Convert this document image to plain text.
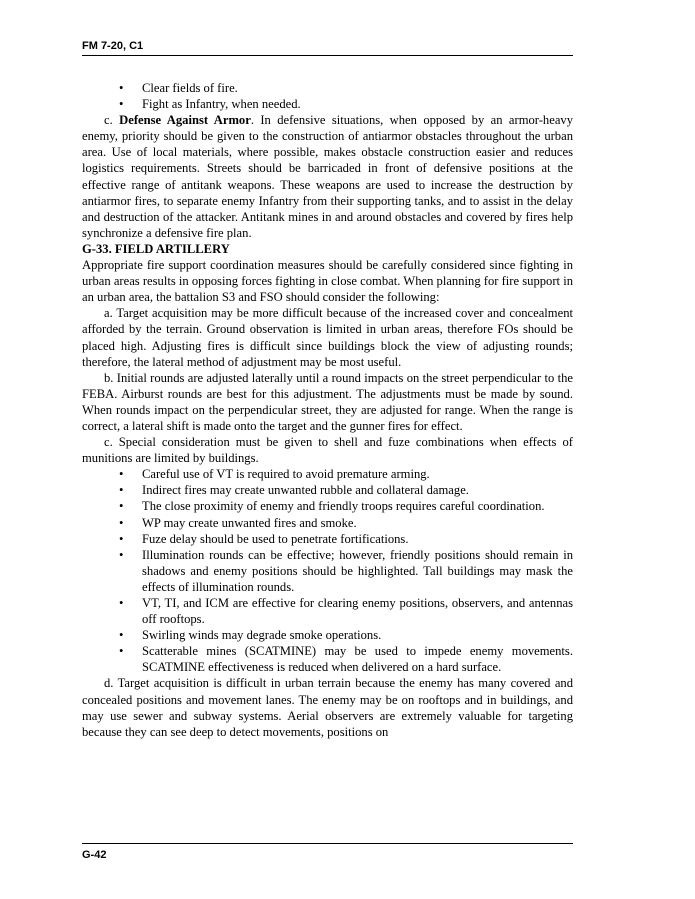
FM 7-20, C1
• Clear fields of fire.
• Fight as Infantry, when needed.

c. Defense Against Armor. In defensive situations, when opposed by an armor-heavy enemy, priority should be given to the construction of antiarmor obstacles throughout the urban area. Use of local materials, where possible, makes obstacle construction easier and reduces logistics requirements. Streets should be barricaded in front of defensive positions at the effective range of antitank weapons. These weapons are used to increase the destruction by antiarmor fires, to separate enemy Infantry from their supporting tanks, and to assist in the delay and destruction of the attacker. Antitank mines in and around obstacles and covered by fires help synchronize a defensive fire plan.

G-33. FIELD ARTILLERY

Appropriate fire support coordination measures should be carefully considered since fighting in urban areas results in opposing forces fighting in close combat. When planning for fire support in an urban area, the battalion S3 and FSO should consider the following:

a. Target acquisition may be more difficult because of the increased cover and concealment afforded by the terrain. Ground observation is limited in urban areas, therefore FOs should be placed high. Adjusting fires is difficult since buildings block the view of adjusting rounds; therefore, the lateral method of adjustment may be most useful.

b. Initial rounds are adjusted laterally until a round impacts on the street perpendicular to the FEBA. Airburst rounds are best for this adjustment. The adjustments must be made by sound. When rounds impact on the perpendicular street, they are adjusted for range. When the range is correct, a lateral shift is made onto the target and the gunner fires for effect.

c. Special consideration must be given to shell and fuze combinations when effects of munitions are limited by buildings.

• Careful use of VT is required to avoid premature arming.
• Indirect fires may create unwanted rubble and collateral damage.
• The close proximity of enemy and friendly troops requires careful coordination.
• WP may create unwanted fires and smoke.
• Fuze delay should be used to penetrate fortifications.
• Illumination rounds can be effective; however, friendly positions should remain in shadows and enemy positions should be highlighted. Tall buildings may mask the effects of illumination rounds.
• VT, TI, and ICM are effective for clearing enemy positions, observers, and antennas off rooftops.
• Swirling winds may degrade smoke operations.
• Scatterable mines (SCATMINE) may be used to impede enemy movements. SCATMINE effectiveness is reduced when delivered on a hard surface.

d. Target acquisition is difficult in urban terrain because the enemy has many covered and concealed positions and movement lanes. The enemy may be on rooftops and in buildings, and may use sewer and subway systems. Aerial observers are extremely valuable for targeting because they can see deep to detect movements, positions on

G-42
